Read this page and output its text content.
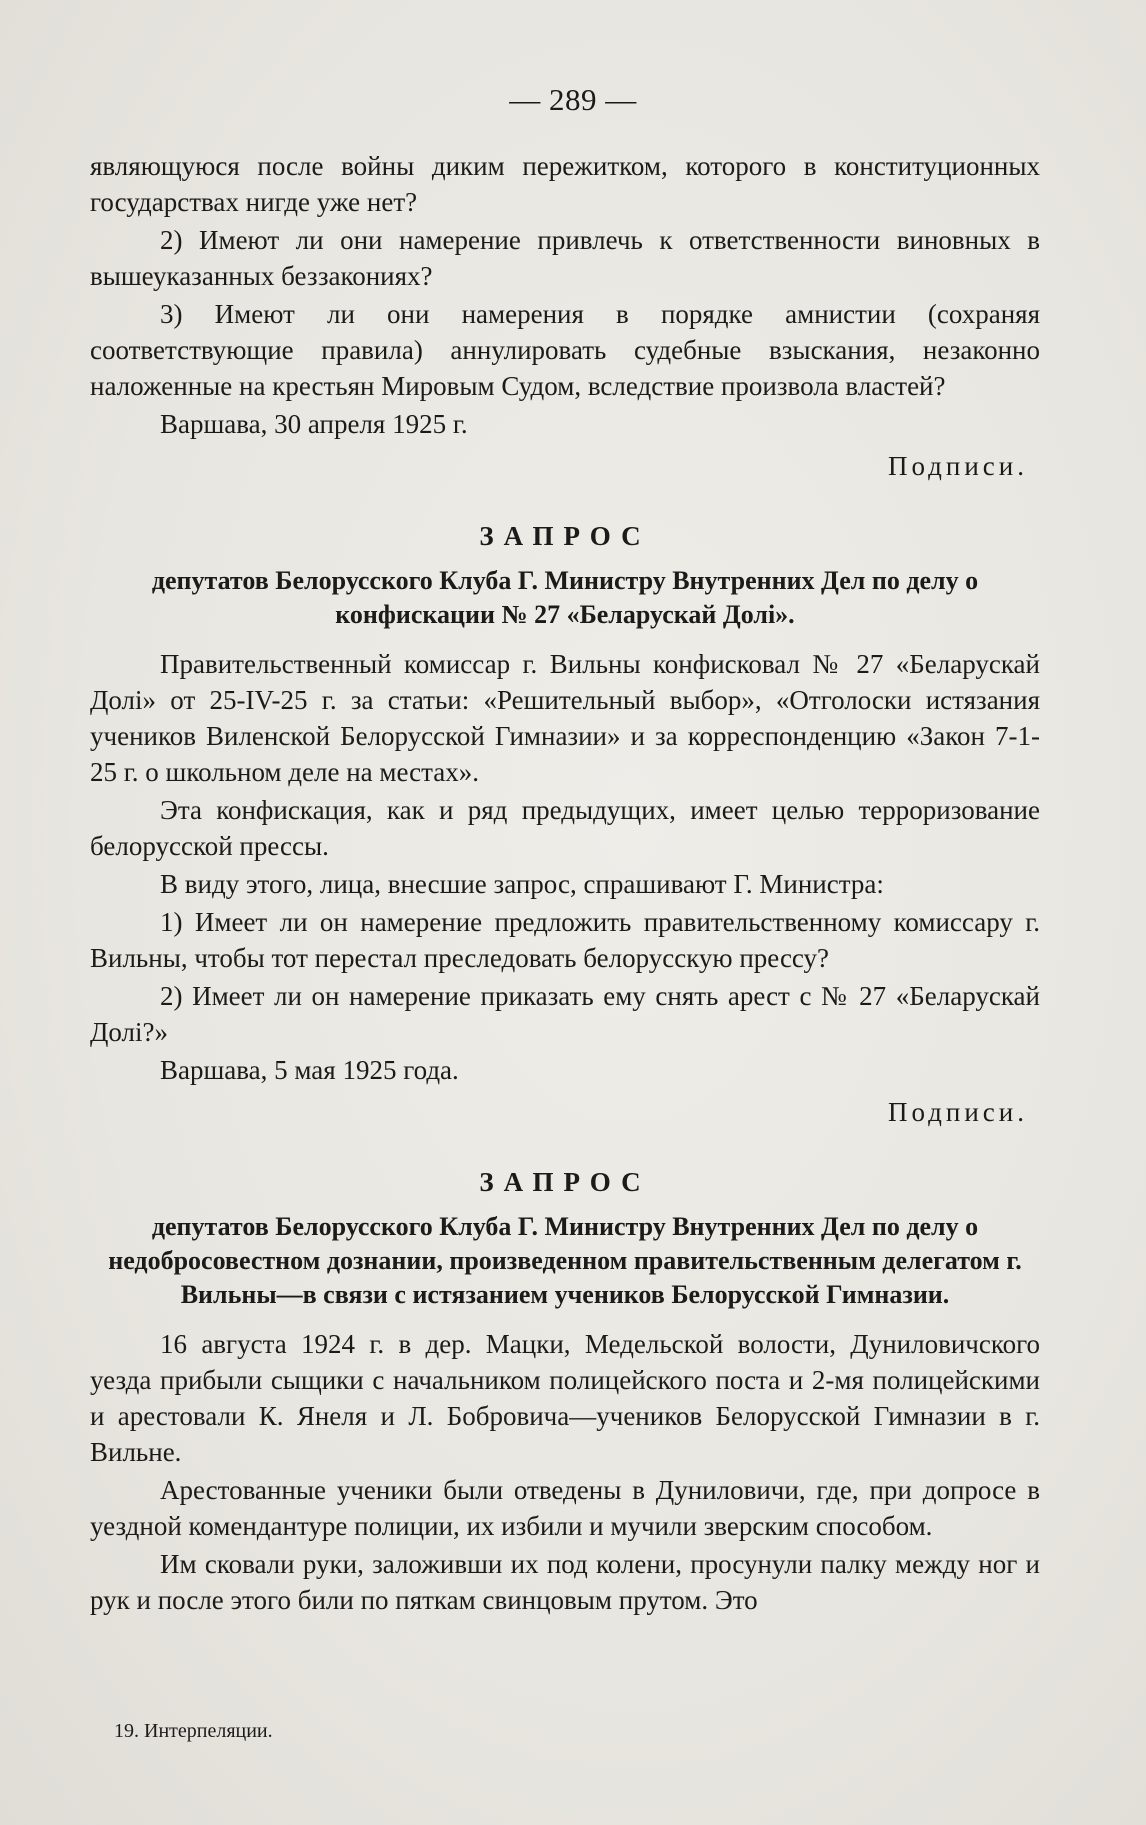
— 289 —

являющуюся после войны диким пережитком, которого в конституционных государствах нигде уже нет?

2) Имеют ли они намерение привлечь к ответственности виновных в вышеуказанных беззакониях?

3) Имеют ли они намерения в порядке амнистии (сохраняя соответствующие правила) аннулировать судебные взыскания, незаконно наложенные на крестьян Мировым Судом, вследствие произвола властей?

Варшава, 30 апреля 1925 г.

Подписи.

ЗАПРОС
депутатов Белорусского Клуба Г. Министру Внутренних Дел по делу о конфискации № 27 «Беларускай Долі».

Правительственный комиссар г. Вильны конфисковал № 27 «Беларускай Долі» от 25-IV-25 г. за статьи: «Решительный выбор», «Отголоски истязания учеников Виленской Белорусской Гимназии» и за корреспонденцию «Закон 7-1-25 г. о школьном деле на местах».

Эта конфискация, как и ряд предыдущих, имеет целью терроризование белорусской прессы.

В виду этого, лица, внесшие запрос, спрашивают Г. Министра:

1) Имеет ли он намерение предложить правительственному комиссару г. Вильны, чтобы тот перестал преследовать белорусскую прессу?

2) Имеет ли он намерение приказать ему снять арест с № 27 «Беларускай Долі?»

Варшава, 5 мая 1925 года.

Подписи.

ЗАПРОС
депутатов Белорусского Клуба Г. Министру Внутренних Дел по делу о недобросовестном дознании, произведенном правительственным делегатом г. Вильны—в связи с истязанием учеников Белорусской Гимназии.

16 августа 1924 г. в дер. Мацки, Медельской волости, Дуниловичского уезда прибыли сыщики с начальником полицейского поста и 2-мя полицейскими и арестовали К. Янеля и Л. Бобровича—учеников Белорусской Гимназии в г. Вильне.

Арестованные ученики были отведены в Дуниловичи, где, при допросе в уездной комендантуре полиции, их избили и мучили зверским способом.

Им сковали руки, заложивши их под колени, просунули палку между ног и рук и после этого били по пяткам свинцовым прутом. Это

19. Интерпеляции.
